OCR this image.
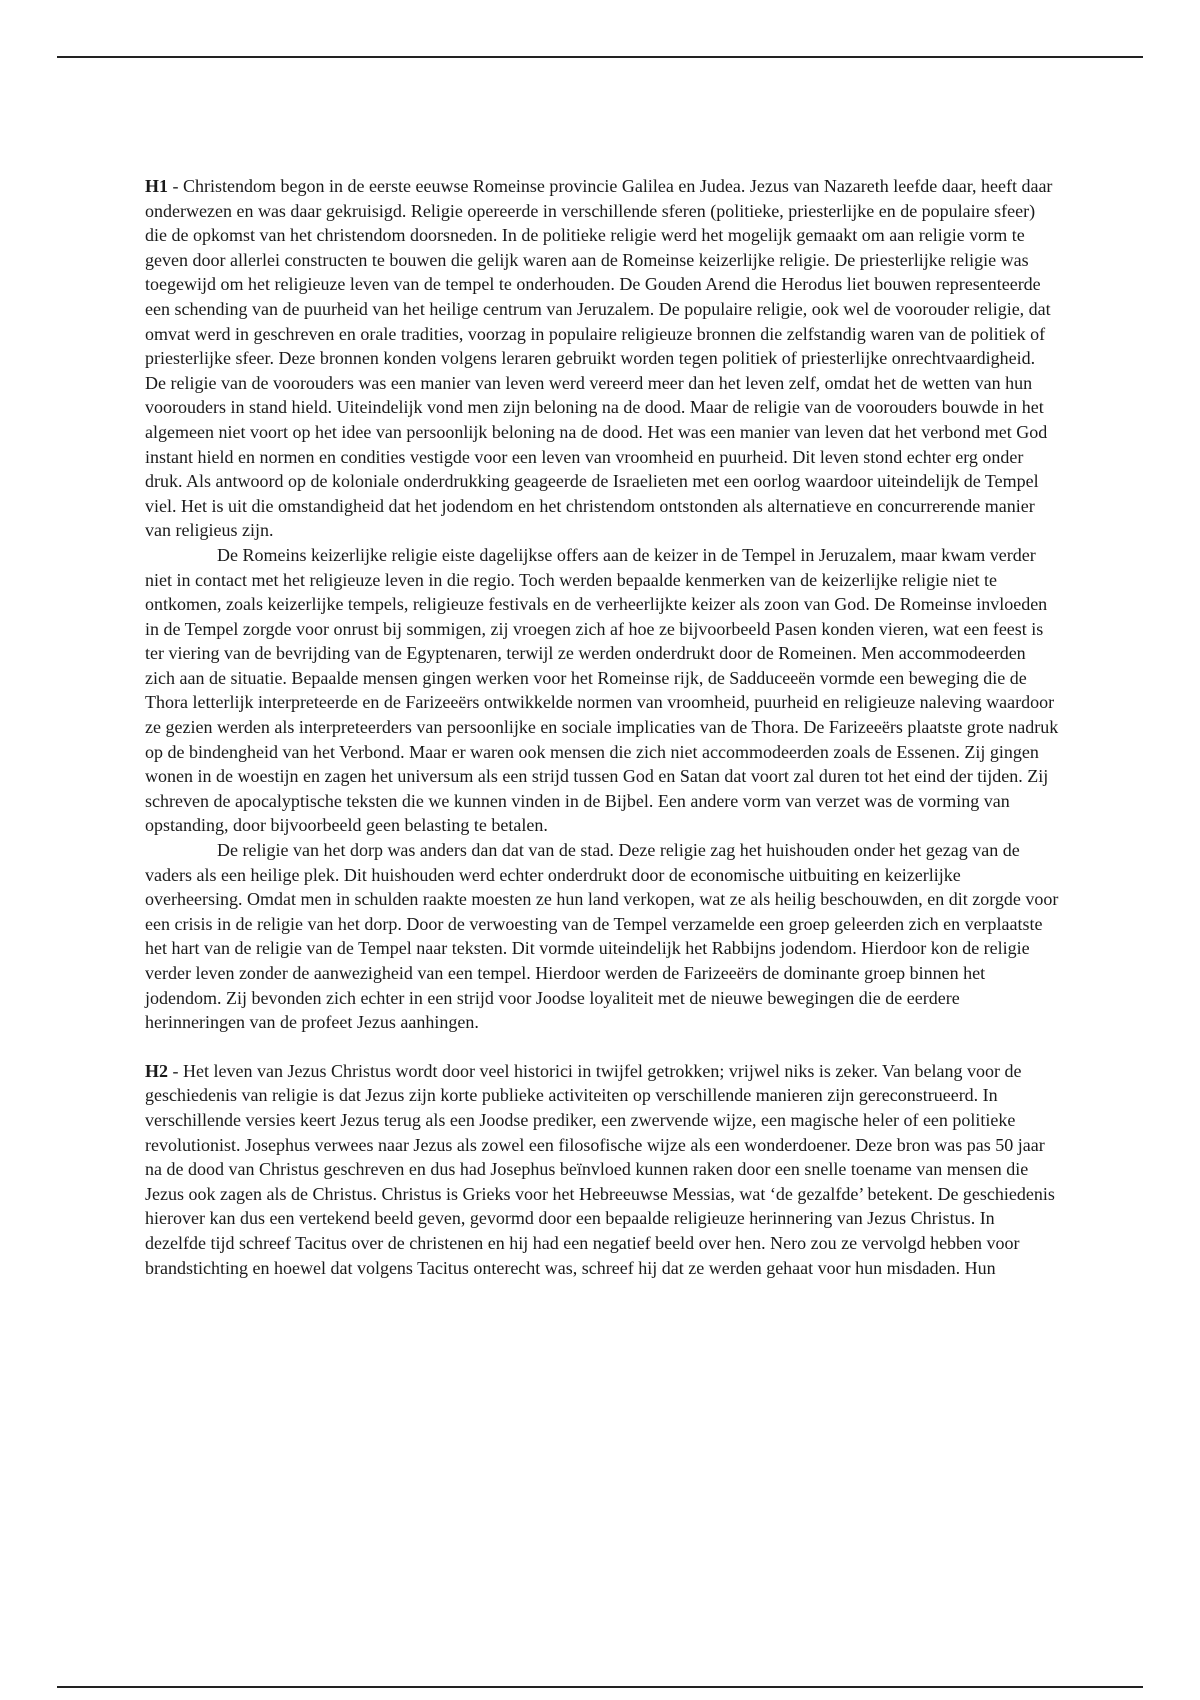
H1 - Christendom begon in de eerste eeuwse Romeinse provincie Galilea en Judea. Jezus van Nazareth leefde daar, heeft daar onderwezen en was daar gekruisigd. Religie opereerde in verschillende sferen (politieke, priesterlijke en de populaire sfeer) die de opkomst van het christendom doorsneden. In de politieke religie werd het mogelijk gemaakt om aan religie vorm te geven door allerlei constructen te bouwen die gelijk waren aan de Romeinse keizerlijke religie. De priesterlijke religie was toegewijd om het religieuze leven van de tempel te onderhouden. De Gouden Arend die Herodus liet bouwen representeerde een schending van de puurheid van het heilige centrum van Jeruzalem. De populaire religie, ook wel de voorouder religie, dat omvat werd in geschreven en orale tradities, voorzag in populaire religieuze bronnen die zelfstandig waren van de politiek of priesterlijke sfeer. Deze bronnen konden volgens leraren gebruikt worden tegen politiek of priesterlijke onrechtvaardigheid. De religie van de voorouders was een manier van leven werd vereerd meer dan het leven zelf, omdat het de wetten van hun voorouders in stand hield. Uiteindelijk vond men zijn beloning na de dood. Maar de religie van de voorouders bouwde in het algemeen niet voort op het idee van persoonlijk beloning na de dood. Het was een manier van leven dat het verbond met God instant hield en normen en condities vestigde voor een leven van vroomheid en puurheid. Dit leven stond echter erg onder druk. Als antwoord op de koloniale onderdrukking geageerde de Israelieten met een oorlog waardoor uiteindelijk de Tempel viel. Het is uit die omstandigheid dat het jodendom en het christendom ontstonden als alternatieve en concurrerende manier van religieus zijn.

De Romeins keizerlijke religie eiste dagelijkse offers aan de keizer in de Tempel in Jeruzalem, maar kwam verder niet in contact met het religieuze leven in die regio. Toch werden bepaalde kenmerken van de keizerlijke religie niet te ontkomen, zoals keizerlijke tempels, religieuze festivals en de verheerlijkte keizer als zoon van God. De Romeinse invloeden in de Tempel zorgde voor onrust bij sommigen, zij vroegen zich af hoe ze bijvoorbeeld Pasen konden vieren, wat een feest is ter viering van de bevrijding van de Egyptenaren, terwijl ze werden onderdrukt door de Romeinen. Men accommodeerden zich aan de situatie. Bepaalde mensen gingen werken voor het Romeinse rijk, de Sadduceeën vormde een beweging die de Thora letterlijk interpreteerde en de Farizeeërs ontwikkelde normen van vroomheid, puurheid en religieuze naleving waardoor ze gezien werden als interpreteerders van persoonlijke en sociale implicaties van de Thora. De Farizeeërs plaatste grote nadruk op de bindengheid van het Verbond. Maar er waren ook mensen die zich niet accommodeerden zoals de Essenen. Zij gingen wonen in de woestijn en zagen het universum als een strijd tussen God en Satan dat voort zal duren tot het eind der tijden. Zij schreven de apocalyptische teksten die we kunnen vinden in de Bijbel. Een andere vorm van verzet was de vorming van opstanding, door bijvoorbeeld geen belasting te betalen.

De religie van het dorp was anders dan dat van de stad. Deze religie zag het huishouden onder het gezag van de vaders als een heilige plek. Dit huishouden werd echter onderdrukt door de economische uitbuiting en keizerlijke overheersing. Omdat men in schulden raakte moesten ze hun land verkopen, wat ze als heilig beschouwden, en dit zorgde voor een crisis in de religie van het dorp. Door de verwoesting van de Tempel verzamelde een groep geleerden zich en verplaatste het hart van de religie van de Tempel naar teksten. Dit vormde uiteindelijk het Rabbijns jodendom. Hierdoor kon de religie verder leven zonder de aanwezigheid van een tempel. Hierdoor werden de Farizeeërs de dominante groep binnen het jodendom. Zij bevonden zich echter in een strijd voor Joodse loyaliteit met de nieuwe bewegingen die de eerdere herinneringen van de profeet Jezus aanhingen.

H2 - Het leven van Jezus Christus wordt door veel historici in twijfel getrokken; vrijwel niks is zeker. Van belang voor de geschiedenis van religie is dat Jezus zijn korte publieke activiteiten op verschillende manieren zijn gereconstrueerd. In verschillende versies keert Jezus terug als een Joodse prediker, een zwervende wijze, een magische heler of een politieke revolutionist. Josephus verwees naar Jezus als zowel een filosofische wijze als een wonderdoener. Deze bron was pas 50 jaar na de dood van Christus geschreven en dus had Josephus beïnvloed kunnen raken door een snelle toename van mensen die Jezus ook zagen als de Christus. Christus is Grieks voor het Hebreeuwse Messias, wat ‘de gezalfde’ betekent. De geschiedenis hierover kan dus een vertekend beeld geven, gevormd door een bepaalde religieuze herinnering van Jezus Christus. In dezelfde tijd schreef Tacitus over de christenen en hij had een negatief beeld over hen. Nero zou ze vervolgd hebben voor brandstichting en hoewel dat volgens Tacitus onterecht was, schreef hij dat ze werden gehaat voor hun misdaden. Hun
